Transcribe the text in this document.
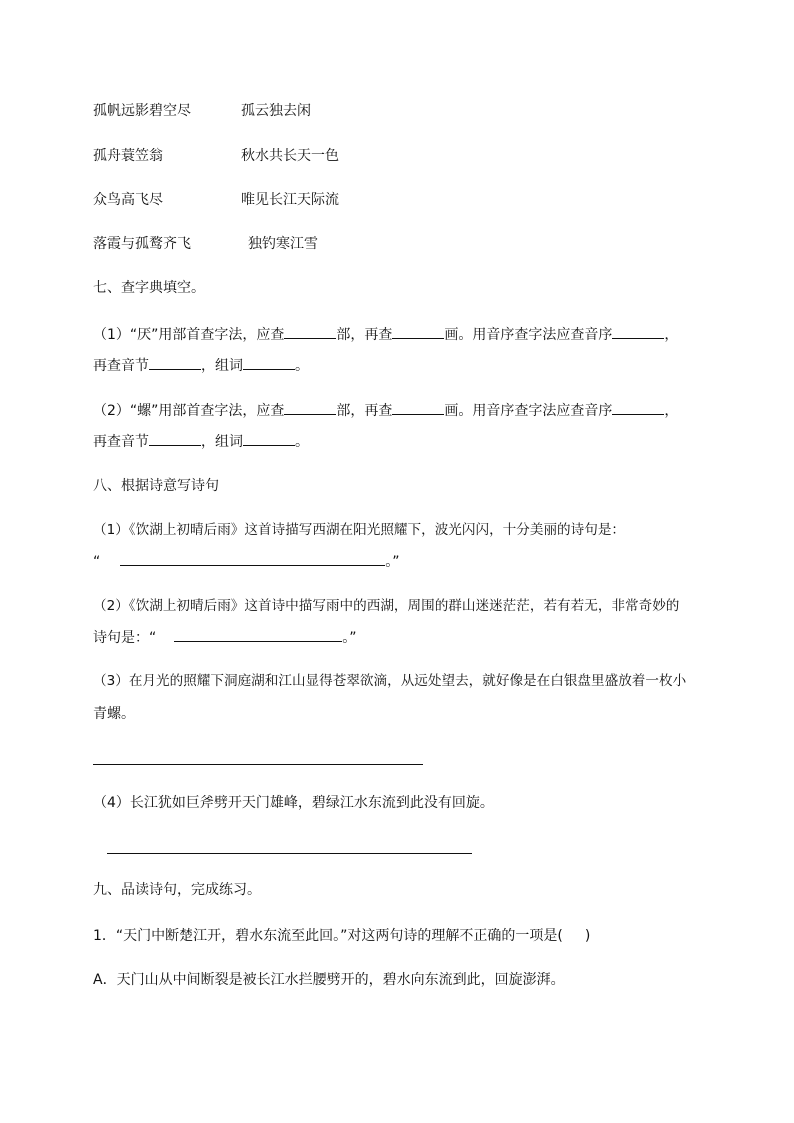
孤帆远影碧空尽	孤云独去闲
孤舟蓑笠翁	秋水共长天一色
众鸟高飞尽	唯见长江天际流
落霞与孤鹜齐飞	独钓寒江雪
七、查字典填空。
（1）“厌”用部首查字法，应查	部，再查	画。用音序查字法应查音序	，
再查音节	，组词	。
（2）“螺”用部首查字法，应查	部，再查	画。用音序查字法应查音序	，
再查音节	，组词	。
八、根据诗意写诗句
（1）《饮湖上初晴后雨》这首诗描写西湖在阳光照耀下，波光闪闪，十分美丽的诗句是：
“	。”
（2）《饮湖上初晴后雨》这首诗中描写雨中的西湖，周围的群山迷迷茫茫，若有若无，非常奇妙的
诗句是：“	。”
（3）在月光的照耀下洞庭湖和江山显得苍翠欲滴，从远处望去，就好像是在白银盘里盛放着一枚小
青螺。
（4）长江犹如巨斧劈开天门雄峰，碧绿江水东流到此没有回旋。
九、品读诗句，完成练习。
1．“天门中断楚江开，碧水东流至此回。”对这两句诗的理解不正确的一项是( )
A．天门山从中间断裂是被长江水拦腰劈开的，碧水向东流到此，回旋澎湃。
